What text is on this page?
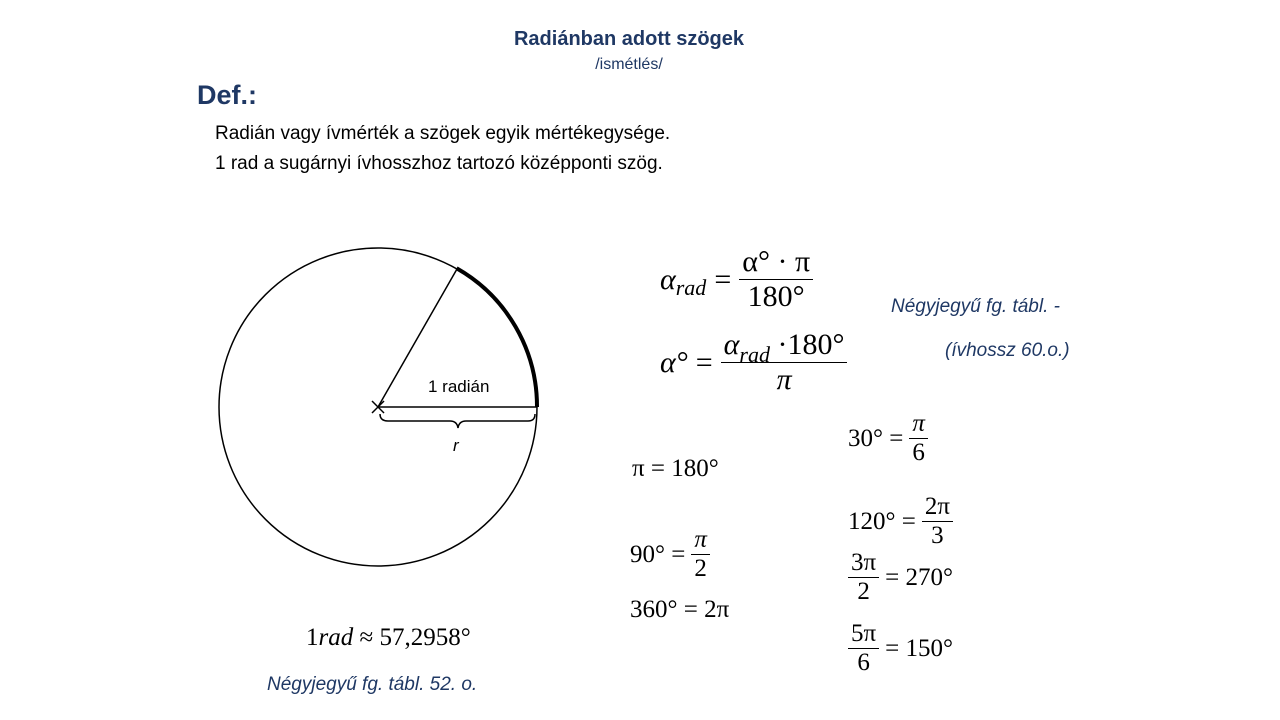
Radiánban adott szögek
/ismétlés/
Def.:
Radián vagy ívmérték a szögek egyik mértékegysége.
1 rad a sugárnyi ívhosszhoz tartozó középponti szög.
1 radián
r
α rad = $\frac{\alpha^\circ \cdot \pi}{180^\circ}$
$\alpha^\circ = \frac{\alpha_{rad} \cdot 180^\circ}{\pi}$
Négyjegyű fg. tábl. -
(ívhossz 60.o.)
π = 180°
$30^\circ = \frac{\pi}{6}$
$120^\circ = \frac{2\pi}{3}$
$\frac{3\pi}{2} = 270^\circ$
$\frac{5\pi}{6} = 150^\circ$
$90^\circ = \frac{\pi}{2}$
360° = 2π
1rad ≈ 57,2958°
Négyjegyű fg. tábl. 52. o.
